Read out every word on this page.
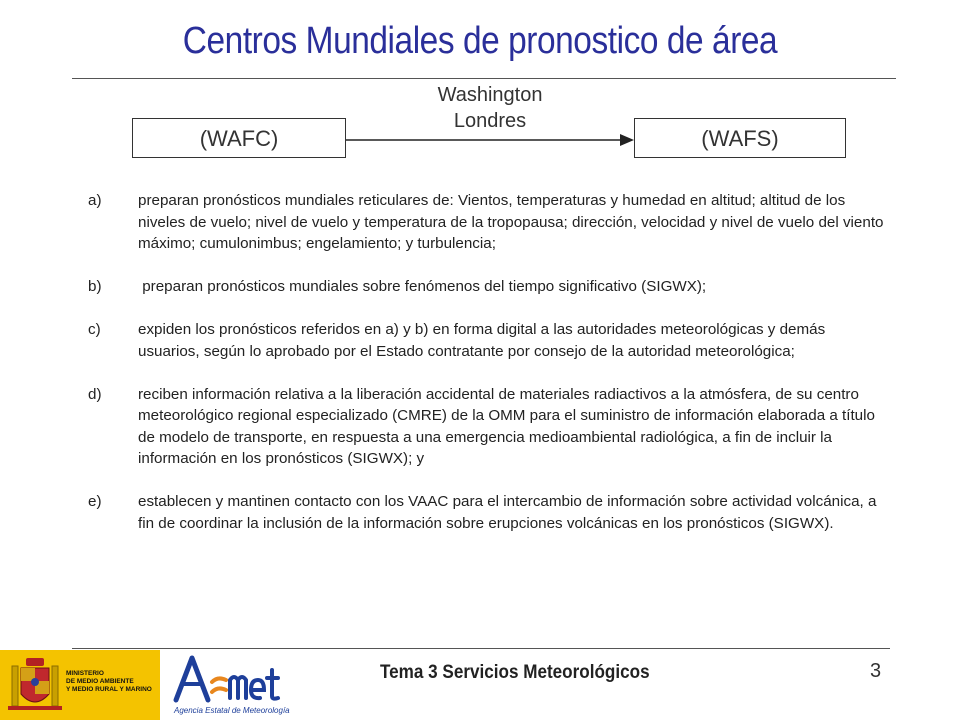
Centros Mundiales de pronostico de área
Washington
Londres
(WAFC)	(WAFS)
a)	preparan pronósticos mundiales reticulares de: Vientos, temperaturas y humedad en altitud; altitud de los niveles de vuelo; nivel de vuelo y temperatura de la tropopausa; dirección, velocidad y nivel de vuelo del viento máximo; cumulonimbus; engelamiento; y turbulencia;
b)	preparan pronósticos mundiales sobre fenómenos del tiempo significativo (SIGWX);
c)	expiden los pronósticos referidos en a) y b) en forma digital a las autoridades meteorológicas y demás usuarios, según lo aprobado por el Estado contratante por consejo de la autoridad meteorológica;
d)	reciben información relativa a la liberación accidental de materiales radiactivos a la atmósfera, de su centro meteorológico regional especializado (CMRE) de la OMM para el suministro de información elaborada a título de modelo de transporte, en respuesta a una emergencia medioambiental radiológica, a fin de incluir la información en los pronósticos (SIGWX); y
e)	establecen y mantinen contacto con los VAAC para el intercambio de información sobre actividad volcánica, a fin de coordinar la inclusión de la información sobre erupciones volcánicas en los pronósticos (SIGWX).
MINISTERIO
DE MEDIO AMBIENTE
Y MEDIO RURAL Y MARINO
Agencia Estatal de Meteorología
Tema 3 Servicios Meteorológicos	3
